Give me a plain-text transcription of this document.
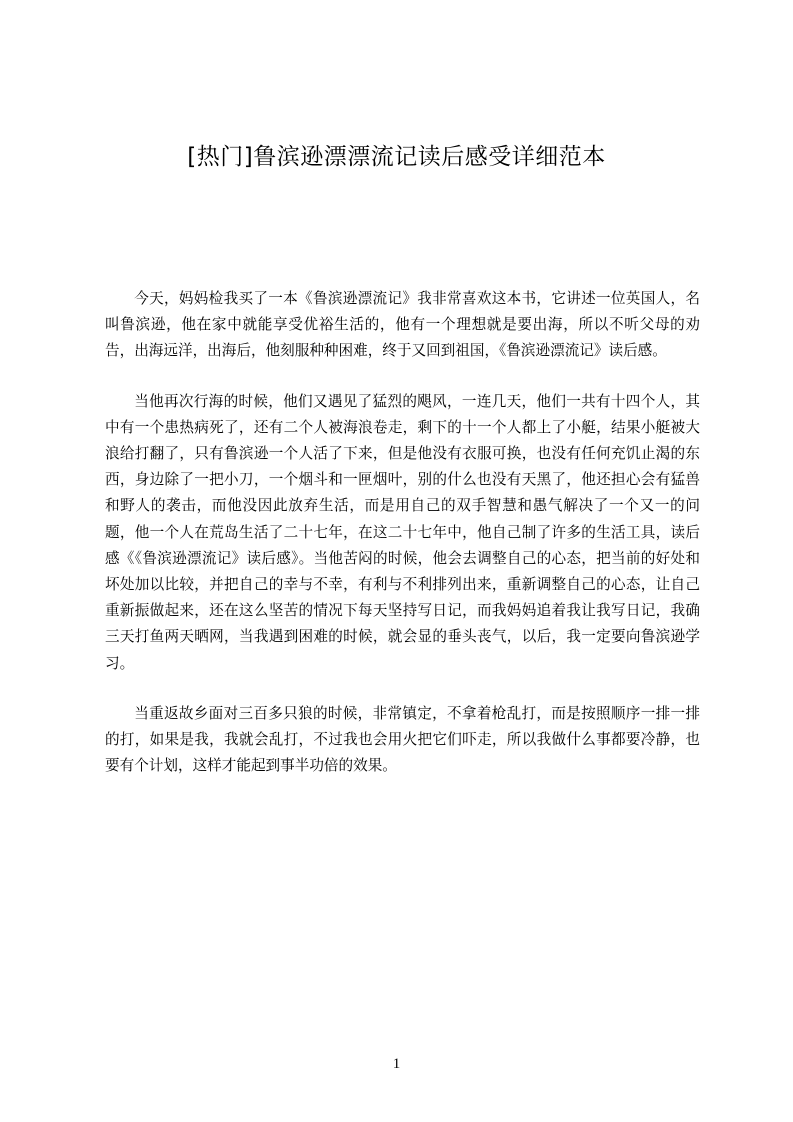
[热门]鲁滨逊漂漂流记读后感受详细范本

今天，妈妈检我买了一本《鲁滨逊漂流记》我非常喜欢这本书，它讲述一位英国人，名叫鲁滨逊，他在家中就能享受优裕生活的，他有一个理想就是要出海，所以不听父母的劝告，出海远洋，出海后，他刻服种种困难，终于又回到祖国，《鲁滨逊漂流记》读后感。

当他再次行海的时候，他们又遇见了猛烈的飓风，一连几天，他们一共有十四个人，其中有一个患热病死了，还有二个人被海浪卷走，剩下的十一个人都上了小艇，结果小艇被大浪给打翻了，只有鲁滨逊一个人活了下来，但是他没有衣服可换，也没有任何充饥止渴的东西，身边除了一把小刀，一个烟斗和一匣烟叶，别的什么也没有天黑了，他还担心会有猛兽和野人的袭击，而他没因此放弃生活，而是用自己的双手智慧和愚气解决了一个又一的问题，他一个人在荒岛生活了二十七年，在这二十七年中，他自己制了许多的生活工具，读后感《《鲁滨逊漂流记》读后感》。当他苦闷的时候，他会去调整自己的心态，把当前的好处和坏处加以比较，并把自己的幸与不幸，有利与不利排列出来，重新调整自己的心态，让自己重新振做起来，还在这么坚苦的情况下每天坚持写日记，而我妈妈追着我让我写日记，我确三天打鱼两天晒网，当我遇到困难的时候，就会显的垂头丧气，以后，我一定要向鲁滨逊学习。

当重返故乡面对三百多只狼的时候，非常镇定，不拿着枪乱打，而是按照顺序一排一排的打，如果是我，我就会乱打，不过我也会用火把它们吓走，所以我做什么事都要冷静，也要有个计划，这样才能起到事半功倍的效果。

1
